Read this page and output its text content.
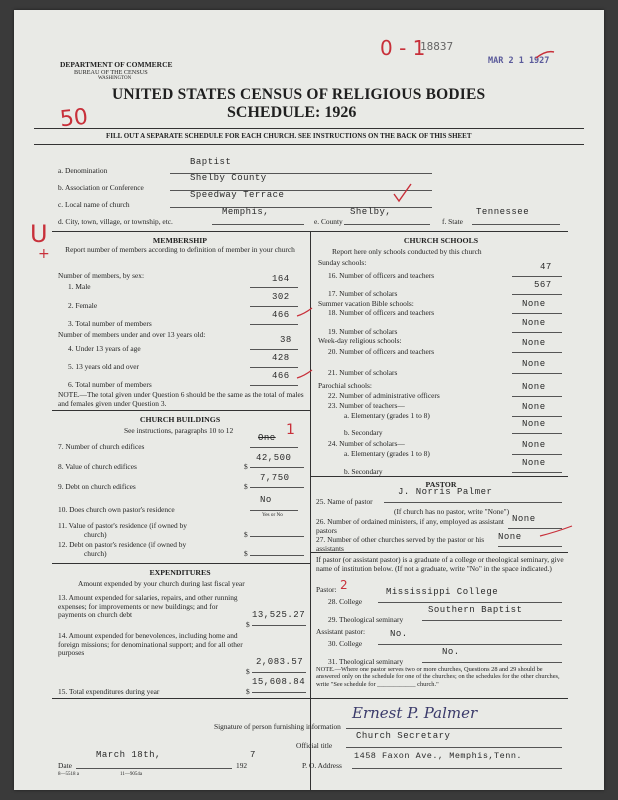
DEPARTMENT OF COMMERCE
BUREAU OF THE CENSUS
WASHINGTON
UNITED STATES CENSUS OF RELIGIOUS BODIES
SCHEDULE: 1926
18837
MAR 2 1 1927
0 - 1
50
U
+
FILL OUT A SEPARATE SCHEDULE FOR EACH CHURCH. SEE INSTRUCTIONS ON THE BACK OF THIS SHEET
a. Denomination
Baptist
b. Association or Conference
Shelby County
c. Local name of church
Speedway Terrace
d. City, town, village, or township, etc.
Memphis,
e. County
Shelby,
f. State
Tennessee
MEMBERSHIP
Report number of members according to definition of member in your church
Number of members, by sex:
1. Male
164
2. Female
302
3. Total number of members
466
Number of members under and over 13 years old:
4. Under 13 years of age
38
5. 13 years old and over
428
6. Total number of members
466
NOTE.—The total given under Question 6 should be the same as the total of males and females given under Question 3.
CHURCH BUILDINGS
See instructions, paragraphs 10 to 12
7. Number of church edifices
One 1
8. Value of church edifices	$
42,500
9. Debt on church edifices	$
7,750
10. Does church own pastor's residence
No
Yes or No
11. Value of pastor's residence (if owned by
church)	$
12. Debt on pastor's residence (if owned by
church)	$
EXPENDITURES
Amount expended by your church during last fiscal year
13. Amount expended for salaries, repairs, and other running expenses; for improvements or new buildings; and for payments on church debt
$
13,525.27
14. Amount expended for benevolences, including home and foreign missions; for denominational support; and for all other purposes
$
2,083.57
15. Total expenditures during year	$
15,608.84
CHURCH SCHOOLS
Report here only schools conducted by this church
Sunday schools:
16. Number of officers and teachers
47
17. Number of scholars
567
Summer vacation Bible schools:
18. Number of officers and teachers
None
19. Number of scholars
None
Week-day religious schools:
20. Number of officers and teachers
None
21. Number of scholars
None
Parochial schools:
22. Number of administrative officers
None
23. Number of teachers—
a. Elementary (grades 1 to 8)
None
b. Secondary
None
24. Number of scholars—
a. Elementary (grades 1 to 8)
None
b. Secondary
None
PASTOR
25. Name of pastor
J. Norris Palmer
(If church has no pastor, write "None")
26. Number of ordained ministers, if any, employed as assistant pastors
None
27. Number of other churches served by the pastor or his assistants
None
If pastor (or assistant pastor) is a graduate of a college or theological seminary, give name of institution below. (If not a graduate, write "No" in the space indicated.)
Pastor: 2
28. College
Mississippi College
29. Theological seminary
Southern Baptist
Assistant pastor:
30. College
No.
31. Theological seminary
No.
NOTE.—Where one pastor serves two or more churches, Questions 28 and 29 should be answered only on the schedule for one of the churches; on the schedules for the other churches, write "See schedule for ____________ church."
Signature of person furnishing information
Ernest P. Palmer
Official title
Church Secretary
Date
March 18th,
192
7
P. O. Address
1458 Faxon Ave., Memphis,Tenn.
8—5518 a	11—9054a
